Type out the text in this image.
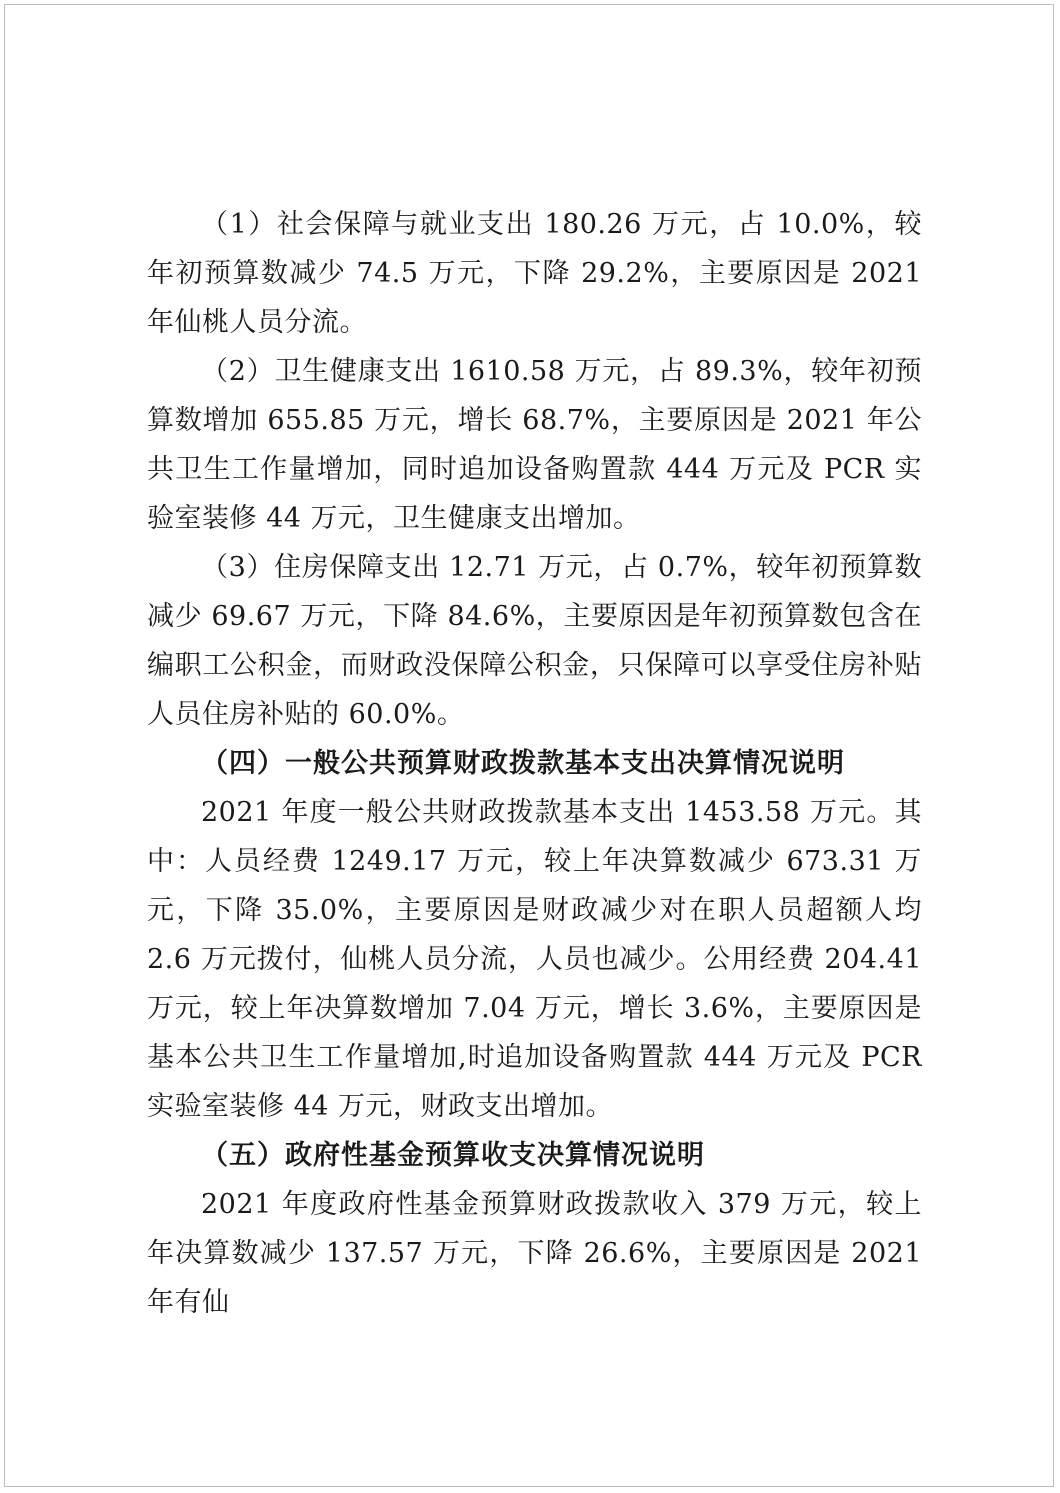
（1）社会保障与就业支出 180.26 万元，占 10.0%，较年初预算数减少 74.5 万元，下降 29.2%，主要原因是 2021 年仙桃人员分流。

（2）卫生健康支出 1610.58 万元，占 89.3%，较年初预算数增加 655.85 万元，增长 68.7%，主要原因是 2021 年公共卫生工作量增加，同时追加设备购置款 444 万元及 PCR 实验室装修 44 万元，卫生健康支出增加。

（3）住房保障支出 12.71 万元，占 0.7%，较年初预算数减少 69.67 万元，下降 84.6%，主要原因是年初预算数包含在编职工公积金，而财政没保障公积金，只保障可以享受住房补贴人员住房补贴的 60.0%。

（四）一般公共预算财政拨款基本支出决算情况说明

2021 年度一般公共财政拨款基本支出 1453.58 万元。其中：人员经费 1249.17 万元，较上年决算数减少 673.31 万元，下降 35.0%，主要原因是财政减少对在职人员超额人均 2.6 万元拨付，仙桃人员分流，人员也减少。公用经费 204.41 万元，较上年决算数增加 7.04 万元，增长 3.6%，主要原因是基本公共卫生工作量增加,时追加设备购置款 444 万元及 PCR 实验室装修 44 万元，财政支出增加。

（五）政府性基金预算收支决算情况说明

2021 年度政府性基金预算财政拨款收入 379 万元，较上年决算数减少 137.57 万元，下降 26.6%，主要原因是 2021 年有仙
